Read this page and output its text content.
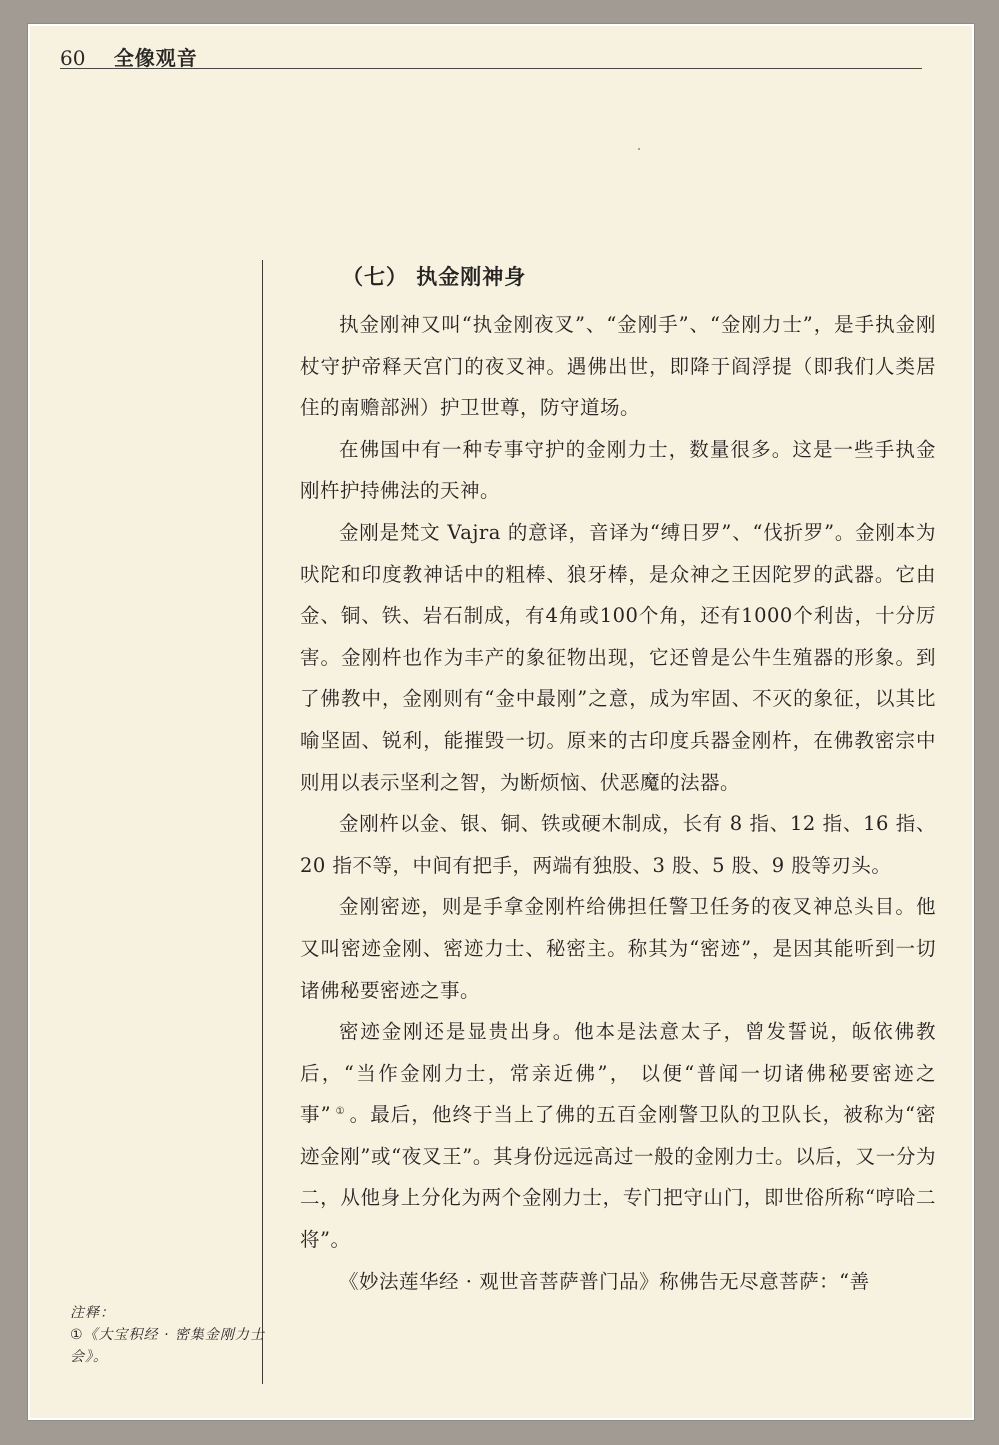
60 全像观音
（七） 执金刚神身

执金刚神又叫“执金刚夜叉”、“金刚手”、“金刚力士”，是手执金刚杖守护帝释天宫门的夜叉神。遇佛出世，即降于阎浮提（即我们人类居住的南赡部洲）护卫世尊，防守道场。

在佛国中有一种专事守护的金刚力士，数量很多。这是一些手执金刚杵护持佛法的天神。

金刚是梵文 Vajra 的意译，音译为“缚日罗”、“伐折罗”。金刚本为吠陀和印度教神话中的粗棒、狼牙棒，是众神之王因陀罗的武器。它由金、铜、铁、岩石制成，有4角或100个角，还有1000个利齿，十分厉害。金刚杵也作为丰产的象征物出现，它还曾是公牛生殖器的形象。到了佛教中，金刚则有“金中最刚”之意，成为牢固、不灭的象征，以其比喻坚固、锐利，能摧毁一切。原来的古印度兵器金刚杵，在佛教密宗中则用以表示坚利之智，为断烦恼、伏恶魔的法器。

金刚杵以金、银、铜、铁或硬木制成，长有 8 指、12 指、16 指、20 指不等，中间有把手，两端有独股、3 股、5 股、9 股等刃头。

金刚密迹，则是手拿金刚杵给佛担任警卫任务的夜叉神总头目。他又叫密迹金刚、密迹力士、秘密主。称其为“密迹”，是因其能听到一切诸佛秘要密迹之事。

密迹金刚还是显贵出身。他本是法意太子，曾发誓说，皈依佛教后，“当作金刚力士，常亲近佛”， 以便“普闻一切诸佛秘要密迹之事” ① 。最后，他终于当上了佛的五百金刚警卫队的卫队长，被称为“密迹金刚”或“夜叉王”。其身份远远高过一般的金刚力士。以后，又一分为二，从他身上分化为两个金刚力士，专门把守山门，即世俗所称“哼哈二将”。

《妙法莲华经 · 观世音菩萨普门品》称佛告无尽意菩萨：“善

注释：
①《大宝积经 · 密集金刚力士会》。
